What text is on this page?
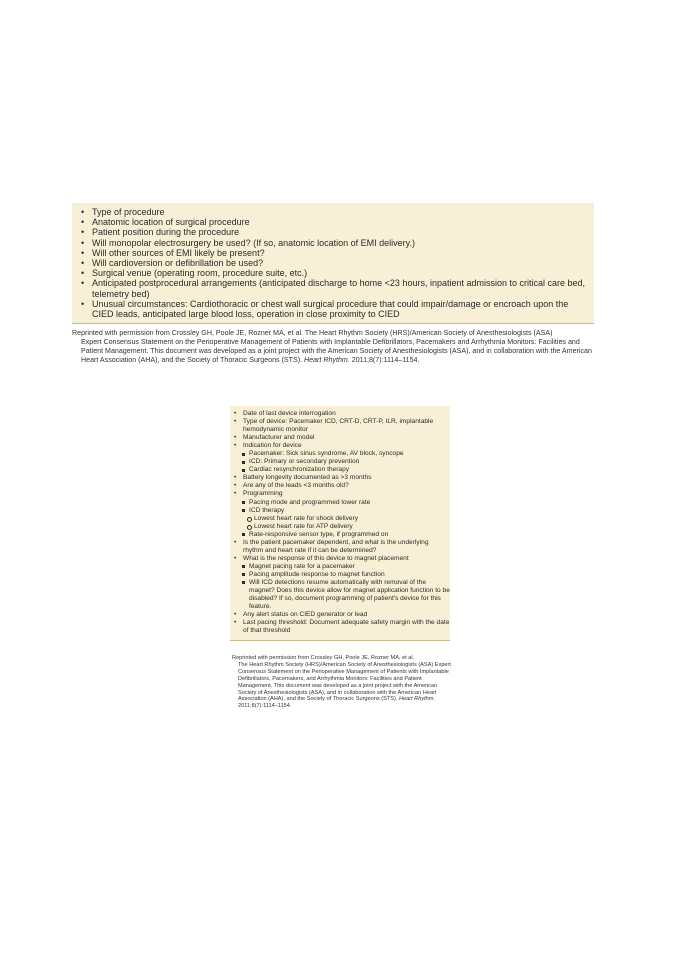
• Type of procedure
• Anatomic location of surgical procedure
• Patient position during the procedure
• Will monopolar electrosurgery be used? (If so, anatomic location of EMI delivery.)
• Will other sources of EMI likely be present?
• Will cardioversion or defibrillation be used?
• Surgical venue (operating room, procedure suite, etc.)
• Anticipated postprocedural arrangements (anticipated discharge to home <23 hours, inpatient admission to critical care bed, telemetry bed)
• Unusual circumstances: Cardiothoracic or chest wall surgical procedure that could impair/damage or encroach upon the CIED leads, anticipated large blood loss, operation in close proximity to CIED
Reprinted with permission from Crossley GH, Poole JE, Rozner MA, et al. The Heart Rhythm Society (HRS)/American Society of Anesthesiologists (ASA)
Expert Consensus Statement on the Perioperative Management of Patients with Implantable Defibrillators, Pacemakers and Arrhythmia Monitors: Facilities and Patient Management. This document was developed as a joint project with the American Society of Anesthesiologists (ASA), and in collaboration with the American Heart Association (AHA), and the Society of Thoracic Surgeons (STS). Heart Rhythm. 2011;8(7):1114–1154.
• Date of last device interrogation
• Type of device: Pacemaker ICD, CRT-D, CRT-P, ILR, implantable hemodynamic monitor
• Manufacturer and model
• Indication for device
Pacemaker: Sick sinus syndrome, AV block, syncope
ICD: Primary or secondary prevention
Cardiac resynchronization therapy
• Battery longevity documented as >3 months
• Are any of the leads <3 months old?
• Programming
Pacing mode and programmed lower rate
ICD therapy
Lowest heart rate for shock delivery
Lowest heart rate for ATP delivery
Rate-responsive sensor type, if programmed on
• Is the patient pacemaker dependent, and what is the underlying rhythm and heart rate if it can be determined?
• What is the response of this device to magnet placement
Magnet pacing rate for a pacemaker
Pacing amplitude response to magnet function
Will ICD detections resume automatically with removal of the magnet? Does this device allow for magnet application function to be disabled? If so, document programming of patient's device for this feature.
• Any alert status on CIED generator or lead
• Last pacing threshold: Document adequate safety margin with the date of that threshold
Reprinted with permission from Crossley GH, Poole JE, Rozner MA, et al.
The Heart Rhythm Society (HRS)/American Society of Anesthesiologists (ASA) Expert Consensus Statement on the Perioperative Management of Patients with Implantable Defibrillators, Pacemakers, and Arrhythmia Monitors: Facilities and Patient Management. This document was developed as a joint project with the American Society of Anesthesiologists (ASA), and in collaboration with the American Heart Association (AHA), and the Society of Thoracic Surgeons (STS). Heart Rhythm. 2011;8(7):1114–1154.
